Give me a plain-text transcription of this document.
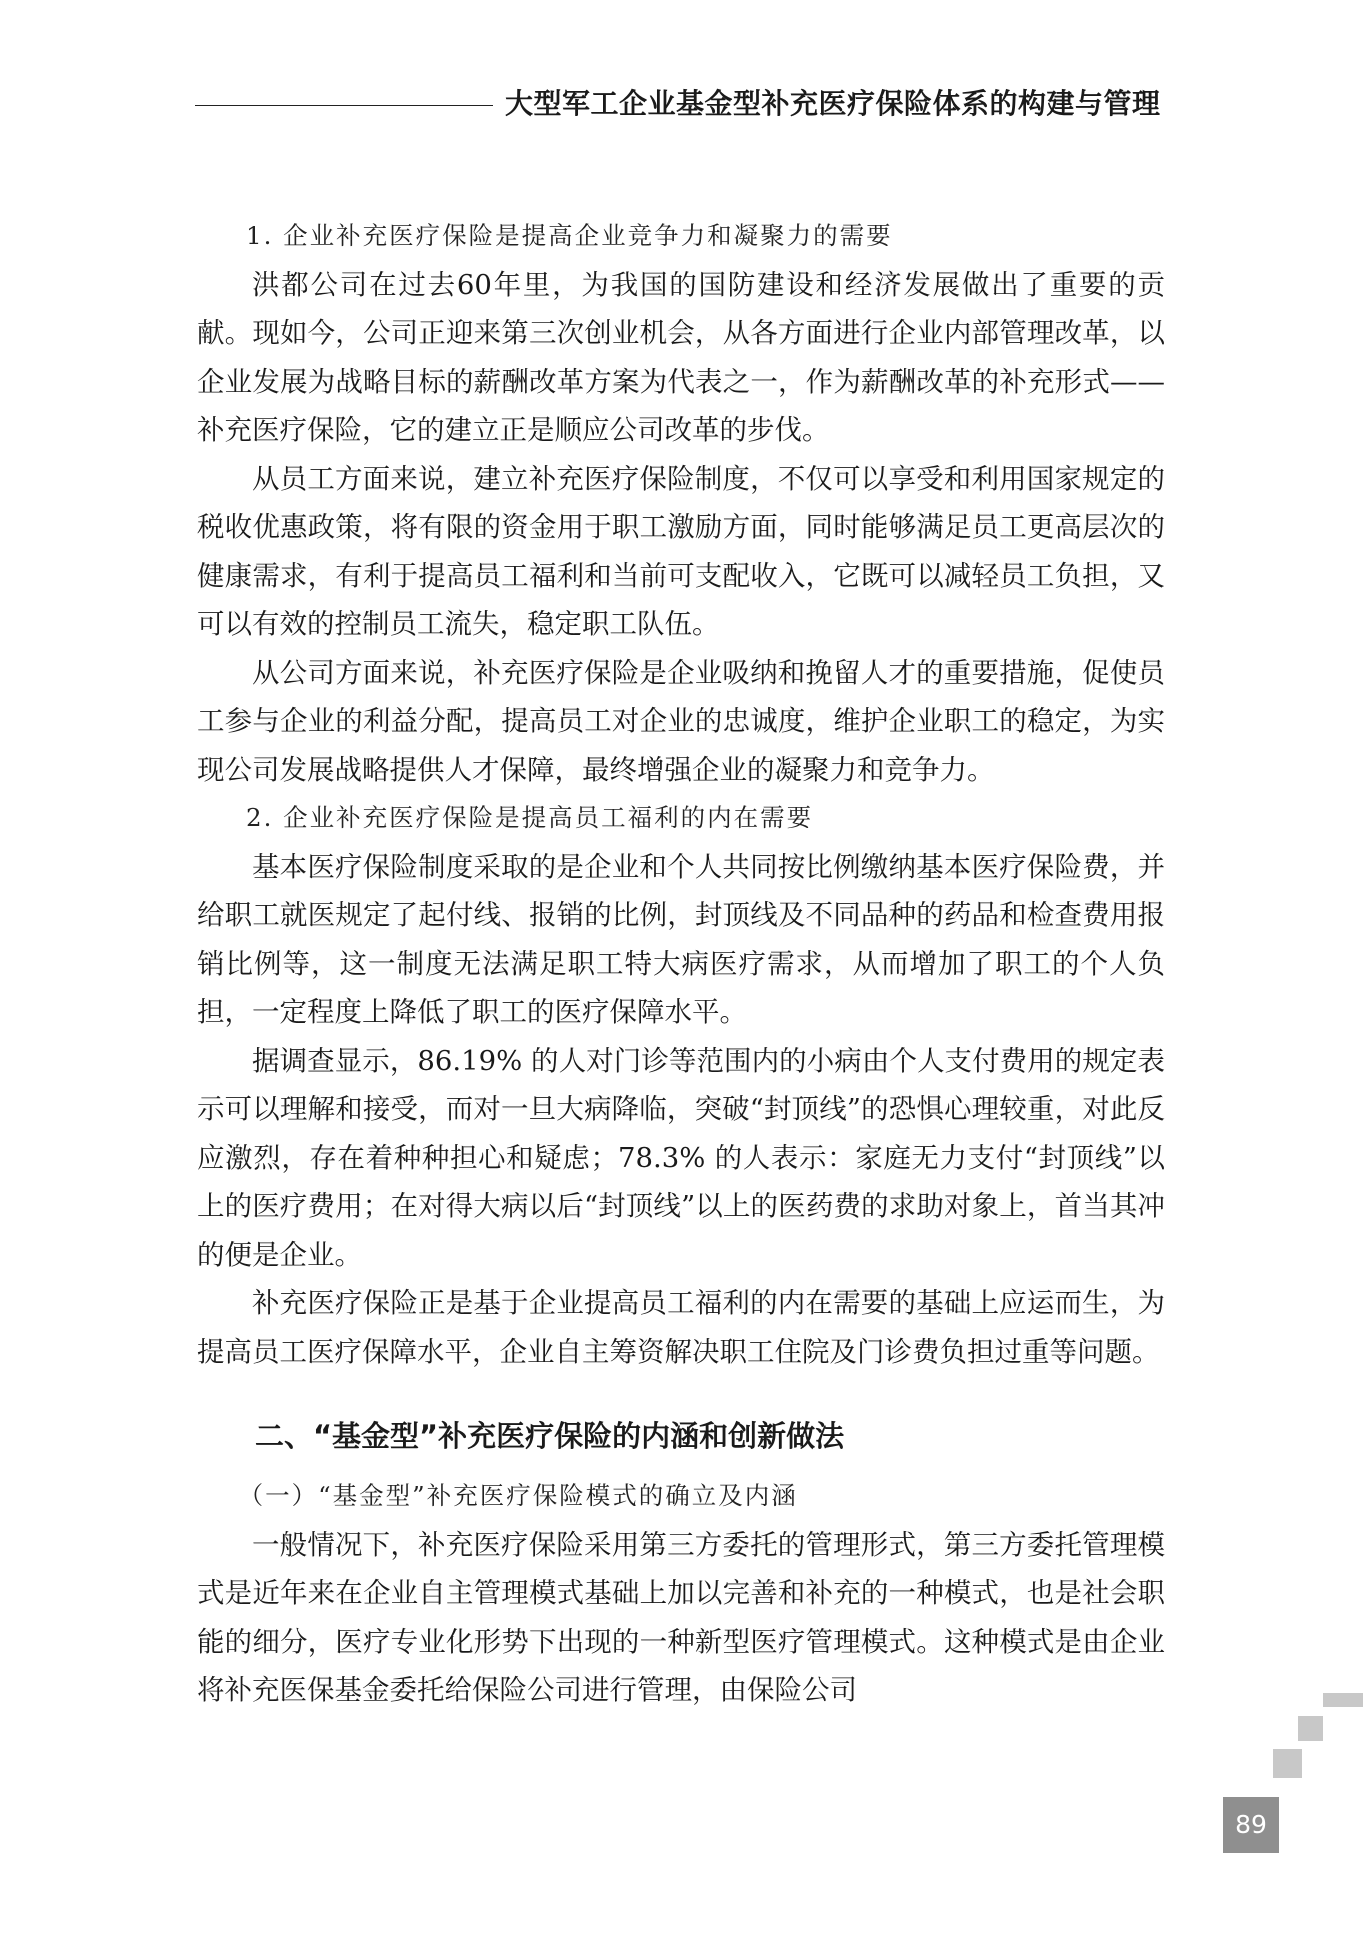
大型军工企业基金型补充医疗保险体系的构建与管理

1. 企业补充医疗保险是提高企业竞争力和凝聚力的需要

洪都公司在过去60年里，为我国的国防建设和经济发展做出了重要的贡献。现如今，公司正迎来第三次创业机会，从各方面进行企业内部管理改革，以企业发展为战略目标的薪酬改革方案为代表之一，作为薪酬改革的补充形式——补充医疗保险，它的建立正是顺应公司改革的步伐。

从员工方面来说，建立补充医疗保险制度，不仅可以享受和利用国家规定的税收优惠政策，将有限的资金用于职工激励方面，同时能够满足员工更高层次的健康需求，有利于提高员工福利和当前可支配收入，它既可以减轻员工负担，又可以有效的控制员工流失，稳定职工队伍。

从公司方面来说，补充医疗保险是企业吸纳和挽留人才的重要措施，促使员工参与企业的利益分配，提高员工对企业的忠诚度，维护企业职工的稳定，为实现公司发展战略提供人才保障，最终增强企业的凝聚力和竞争力。

2. 企业补充医疗保险是提高员工福利的内在需要

基本医疗保险制度采取的是企业和个人共同按比例缴纳基本医疗保险费，并给职工就医规定了起付线、报销的比例，封顶线及不同品种的药品和检查费用报销比例等，这一制度无法满足职工特大病医疗需求，从而增加了职工的个人负担，一定程度上降低了职工的医疗保障水平。

据调查显示，86.19% 的人对门诊等范围内的小病由个人支付费用的规定表示可以理解和接受，而对一旦大病降临，突破“封顶线”的恐惧心理较重，对此反应激烈，存在着种种担心和疑虑；78.3% 的人表示：家庭无力支付“封顶线”以上的医疗费用；在对得大病以后“封顶线”以上的医药费的求助对象上，首当其冲的便是企业。

补充医疗保险正是基于企业提高员工福利的内在需要的基础上应运而生，为提高员工医疗保障水平，企业自主筹资解决职工住院及门诊费负担过重等问题。

二、“基金型”补充医疗保险的内涵和创新做法

（一）“基金型”补充医疗保险模式的确立及内涵

一般情况下，补充医疗保险采用第三方委托的管理形式，第三方委托管理模式是近年来在企业自主管理模式基础上加以完善和补充的一种模式，也是社会职能的细分，医疗专业化形势下出现的一种新型医疗管理模式。这种模式是由企业将补充医保基金委托给保险公司进行管理，由保险公司

89
